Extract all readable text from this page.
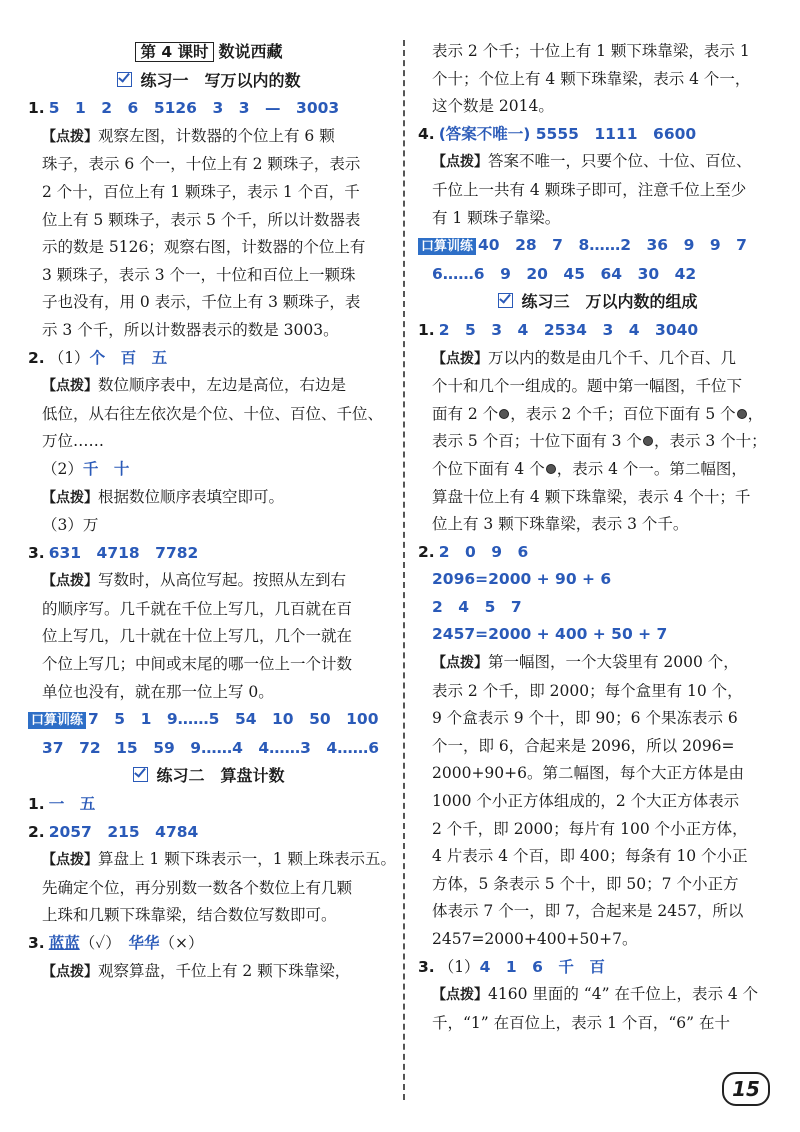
第 4 课时 数说西藏
练习一　写万以内的数
1. 5　1　2　6　5126　3　3　—　3003
【点拨】观察左图，计数器的个位上有 6 颗
珠子，表示 6 个一，十位上有 2 颗珠子，表示
2 个十，百位上有 1 颗珠子，表示 1 个百，千
位上有 5 颗珠子，表示 5 个千，所以计数器表
示的数是 5126；观察右图，计数器的个位上有
3 颗珠子，表示 3 个一，十位和百位上一颗珠
子也没有，用 0 表示，千位上有 3 颗珠子，表
示 3 个千，所以计数器表示的数是 3003。
2. （1）个　百　五
【点拨】数位顺序表中，左边是高位，右边是
低位，从右往左依次是个位、十位、百位、千位、
万位……
（2）千　十
【点拨】根据数位顺序表填空即可。
（3）万
3. 631　4718　7782
【点拨】写数时，从高位写起。按照从左到右
的顺序写。几千就在千位上写几，几百就在百
位上写几，几十就在十位上写几，几个一就在
个位上写几；中间或末尾的哪一位上一个计数
单位也没有，就在那一位上写 0。
口算训练 7　5　1　9……5　54　10　50　100
37　72　15　59　9……4　4……3　4……6
练习二　算盘计数
1. 一　五
2. 2057　215　4784
【点拨】算盘上 1 颗下珠表示一，1 颗上珠表示五。
先确定个位，再分别数一数各个数位上有几颗
上珠和几颗下珠靠梁，结合数位写数即可。
3. 蓝蓝（✓）　 华华（×）
【点拨】观察算盘，千位上有 2 颗下珠靠梁，
表示 2 个千；十位上有 1 颗下珠靠梁，表示 1
个十；个位上有 4 颗下珠靠梁，表示 4 个一，
这个数是 2014。
4. (答案不唯一) 5555　1111　6600
【点拨】答案不唯一，只要个位、十位、百位、
千位上一共有 4 颗珠子即可，注意千位上至少
有 1 颗珠子靠梁。
口算训练 40　28　7　8……2　36　9　9　7
6……6　9　20　45　64　30　42
练习三　万以内数的组成
1. 2　5　3　4　2534　3　4　3040
【点拨】万以内的数是由几个千、几个百、几
个十和几个一组成的。题中第一幅图，千位下
面有 2 个 ，表示 2 个千；百位下面有 5 个 ，
表示 5 个百；十位下面有 3 个 ，表示 3 个十；
个位下面有 4 个 ，表示 4 个一。第二幅图，
算盘十位上有 4 颗下珠靠梁，表示 4 个十；千
位上有 3 颗下珠靠梁，表示 3 个千。
2. 2　0　9　6
2096=2000 + 90 + 6
2　4　5　7
2457=2000 + 400 + 50 + 7
【点拨】第一幅图，一个大袋里有 2000 个，
表示 2 个千，即 2000；每个盒里有 10 个，
9 个盒表示 9 个十，即 90；6 个果冻表示 6
个一，即 6，合起来是 2096，所以 2096=
2000+90+6。第二幅图，每个大正方体是由
1000 个小正方体组成的，2 个大正方体表示
2 个千，即 2000；每片有 100 个小正方体，
4 片表示 4 个百，即 400；每条有 10 个小正
方体，5 条表示 5 个十，即 50；7 个小正方
体表示 7 个一，即 7，合起来是 2457，所以
2457=2000+400+50+7。
3. （1）4　1　6　千　百
【点拨】4160 里面的 “4” 在千位上，表示 4 个
千，“1” 在百位上，表示 1 个百，“6” 在十
15
